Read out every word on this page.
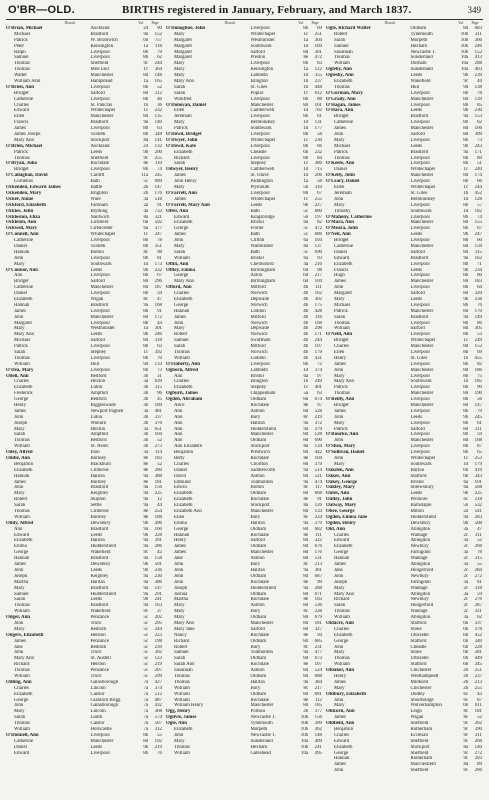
O'BR—OLD.	BIRTHS registered in January, February, and March 1837.	349
District	Vol.	Page
O'Brian, Michael	Auckland	24	90
Michael	Bradford	9a	152
Patrick	W. Bromwich	6b	757
Peter	Kensington	1a	118
Ralph	Liverpool	8b	79
Samuel	Liverpool	8b	62
Thomas	Sheffield	9c	244
Thomas	Mile End	1c	364
Walter	Manchester	8d	148
William John	Hampstead	1a	165
O'Brien, Ann	Liverpool	8b	52
Bridget	Salford	8d	312
Catherine	Liverpool	8b	46
Charles	St. Pancras	1b	36
Edward	Whitechapel	1c	232
Ellen	Manchester	8d	135
Francis	Bradford	9a	140
James	Liverpool	8b	63
James Joseph	Toxteth	8b	348
Mary Ann	Stockport	8a	141
O'Brien, Michael	Auckland	24	132
Patrick	Leeds	9b	200
Thomas	Sheffield	9c	255
O'Bryan, Julia	Rochdale	8e	110
Bridget	Liverpool	8b	74
O'Callaghan, David	Cardiff	11a	245
Cornelius	Bath	5c	689
Ockenden, Edward James	Battle	2b	147
Ockenden, Mary	Brighton	2b	176
Ocker, Annie	Ware	3a	518
Ockford, Elizabeth	Farnham	2a	91
Ocklee, John	Blything	4a	733
Ockleston, Eliza	Nantwich	8a	321
Ockleton, Ann	Lichfield	6b	592
Ockwell, Mary	Cirencester	6a	377
O'Connell, Ann	Whitechapel	1c	247
Catherine	Liverpool	8b	78
Daniel	Toxteth	8b	351
Hannah	Bolton	8c	98
John	Liverpool	8b	81
Mary	Southwark	1d	173
O'Connor, Ann	Leeds	9b	232
Ann	Liverpool	8b	67
Bridget	Salford	8d	296
Catherine	Manchester	8d	187
Daniel	Liverpool	8b	59
Elizabeth	Wigan	8c	47
Hannah	Bradford	9a	168
James	Liverpool	8b	91
John	Manchester	8d	172
Margaret	Liverpool	8b	44
Mary	Westminster	1a	301
Mary Ann	Leeds	9b	246
Michael	Salford	8d	318
Patrick	Liverpool	8b	63
Sarah	Stepney	1c	392
Thomas	Liverpool	8b	70
William	Hull	9d	133
O'Dea, Mary	Liverpool	8b	73
Odell, Ann	Bedford	3b	31
Charles	Hitchin	3a	639
Elizabeth	Luton	3b	315
Frederick	Ampthill	3b	96
George	Bedford	3b	45
Henry	Biggleswade	3b	189
James	Newport Pagnell	3a	481
John	Luton	3b	337
Joseph	Woburn	3b	376
Mary	Hitchin	3a	651
Sarah	Ampthill	3b	104
Thomas	Bedford	3b	52
William	St. Neots	3b	273
Odey, Alfred	Eton	3a	114
Oddie, Ann	Burnley	8e	183
Benjamin	Blackburn	8e	52
Elizabeth	Clitheroe	8e	260
Hannah	Halifax	9a	388
James	Burnley	8e	181
John	Bradford	9a	156
Mary	Keighley	9a	225
Robert	Skipton	9a	12
Sarah	Settle	9a	44
Thomas	Clitheroe	8e	254
William	Burnley	8e	188
Oddy, Alfred	Dewsbury	9b	496
Ann	Bradford	9a	160
Edward	Leeds	9b	228
Elizabeth	Halifax	9a	391
Emma	Huddersfield	9a	286
George	Wakefield	9c	42
Hannah	Bradford	9a	158
James	Dewsbury	9b	501
John	Leeds	9b	236
Joseph	Keighley	9a	230
Martha	Halifax	9a	386
Mary	Bradford	9a	147
Samuel	Huddersfield	9a	291
Sarah	Leeds	9b	241
Thomas	Bradford	9a	163
William	Wakefield	9c	37
Odger, Ann	Penzance	5c	202
John	Truro	5c	295
Mary	Redruth	5c	244
Odgers, Elizabeth	Helston	5c	223
James	Penzance	5c	198
Jane	Redruth	5c	239
John	Truro	5c	302
Mary Ann	St. Austell	5c	123
Richard	Helston	5c	219
Thomas	Penzance	5c	207
William	Truro	5c	299
Odling, Ann	Gainsborough	7a	427
Charles	Lincoln	7a	374
Elizabeth	Caistor	7a	512
George	Glanford Brigg	7a	487
John	Gainsborough	7a	432
Mary	Lincoln	7a	368
Sarah	Louth	7a	574
Thomas	Caistor	7a	507
William	Horncastle	7a	312
O'Donnell, Ann	Liverpool	8b	55
Catherine	Manchester	8d	192
Daniel	Leeds	9b	219
Edward	Liverpool	8b	76
District	Vol.	Page
O'Donoghue, John	Liverpool	8b	69
Mary	Whitechapel	1c	251
Margaret	Westminster	1a	304
Margaret	Southwark	1d	169
Margaret	Salford	8d	301
Margaret	Preston	8e	472
Mary	Liverpool	8b	83
Mary	Kensington	1a	122
Mary	Lambeth	1d	355
Mary Ann	Islington	1b	237
Sarah	St. Giles	1b	448
Sarah	Poplar	1c	612
Winifred	Liverpool	8b	88
O'Donovan, Daniel	Manchester	8d	161
Ellen	Camberwell	1d	702
Jeremiah	Liverpool	8b	61
Mary	Bermondsey	1d	131
Patrick	Southwark	1d	177
O'Dowd, Bridget	Liverpool	8b	58
O'Dwyer, John	Whitechapel	1c	230
O'Dowd, Kate	Liverpool	8b	66
Elizabeth	Cheadle	6b	232
Richard	Liverpool	8b	84
Sarah	Stepney	1c	386
Odwyer, Henry	Camberwell	1d	715
James	St. Olave	1d	206
John Henry	Paddington	1a	58
Mary	Plymouth	5b	310
O'Farrell, Ann	Liverpool	8b	67
James	Whitechapel	1c	255
O'Farrell, Mary Ann	Leeds	9b	227
Offer, Ann	Bath	5c	680
Edward	Kingsbridge	5b	197
Elizabeth	Bristol	6a	82
George	Frome	5c	472
James	Bath	5c	686
John	Clifton	6a	104
Mary	Warminster	8a	137
Sarah	Bath	5c	690
William	Bristol	6a	93
Offin, Ann	Chelmsford	4a	216
Offley, Emma	Birmingham	6d	98
George	Aston	6d	217
Mary Ann	Birmingham	6d	104
Offord, Ann	Mitford	4b	111
Charles	Norwich	4b	162
Elizabeth	Depwade	4b	302
George	Norwich	4b	175
Hannah	Loddon	4b	428
James	Mitford	4b	116
John	Norwich	4b	168
Mary	Depwade	4b	298
Robert	Norwich	4b	171
Samuel	Swaffham	4b	244
Sarah	Mitford	4b	107
Thomas	Norwich	4b	179
William	Loddon	4b	431
O'Flaherty, Ann	Liverpool	8b	72
Ogborn, Alfred	Lambeth	1d	374
Ann	Bristol	6a	97
Charles	Islington	1b	249
Elizabeth	Stepney	1c	401
Ogburn, James	Chippenham	5a	63
Ogden, Abraham	Oldham	8d	674
Alice	Rochdale	8e	97
Ann	Ashton	8d	528
Ann	Bury	8c	219
Ann	Halifax	9a	372
Ann	Huddersfield	9a	279
Ann	Manchester	8d	128
Ann	Oldham	8d	690
Ann Elizabeth	Stockport	8a	134
Benjamin	Prestwich	8d	442
Betty	Rochdale	8e	104
Charles	Chorlton	8d	379
Daniel	Saddleworth	9a	514
David	Ashton	8d	521
Edmund	Todmorden	9a	474
Edwin	Bolton	8c	117
Elizabeth	Oldham	8d	668
Elizabeth	Rochdale	8e	91
Elizabeth	Stockport	8a	126
Elizabeth Ann	Manchester	8d	133
Ellen	Bury	8c	224
Emma	Halifax	9a	379
George	Oldham	8d	682
Hannah	Rochdale	8e	111
Henry	Salford	8d	322
James	Oldham	8d	676
James	Manchester	8d	176
Jane	Ashton	8d	531
John	Bury	8c	213
John	Halifax	9a	381
John	Oldham	8d	687
John	Rochdale	8e	99
Joseph	Huddersfield	9a	288
Joshua	Oldham	8d	671
Martha	Rochdale	8e	103
Mary	Ashton	8d	536
Mary	Bury	8c	228
Mary	Oldham	8d	679
Mary Ann	Manchester	8d	181
Mary Jane	Salford	8d	327
Nancy	Rochdale	8e	94
Richard	Oldham	8d	685
Robert	Bury	8c	231
Samuel	Todmorden	9a	477
Sarah	Oldham	8d	673
Sarah Ann	Rochdale	8e	107
Susannah	Ashton	8d	524
Thomas	Oldham	8d	688
Thomas	Halifax	9a	384
William	Bury	8c	217
William	Oldham	8d	681
William	Rochdale	8e	112
William Henry	Manchester	8d	185
Ogg, Henry	Portsea	2b	377
Ogilvie, James	Newcastle T.	10b	156
Ogle, Ann	Tynemouth	10b	309
Elizabeth	Morpeth	10b	362
John	Newcastle T.	10b	148
Mary	Sunderland	10a	409
Thomas	Hexham	10b	241
William	Gateshead	10a	495
District	Vol.	Page
Ogle, Richard Walter	Oldham	8d	683
Robert	Tynemouth	10b	311
Sarah	Morpeth	10b	366
Samuel	Hexham	10b	246
Susannah	Newcastle T.	10b	152
Thomas	Sunderland	10a	413
William	Durham	10a	288
Ogleby, Ann	Sunderland	10a	403
Oglesby, Ann	Leeds	9b	239
Elizabeth	Wakefield	9c	44
Thomas	Hull	9d	138
O'Gorman, Mary	Liverpool	8b	78
O'Grady, Ann	Manchester	8d	139
O'Hagan, James	Liverpool	8b	85
O'Hara, Ann	Leeds	9b	230
Bridget	Bradford	9a	153
Catherine	Liverpool	8b	62
James	Manchester	8d	166
John	Salford	8d	309
Mary	Liverpool	8b	73
Michael	Leeds	9b	243
Patrick	Bradford	9a	171
Thomas	Liverpool	8b	89
O'Keefe, Ann	Liverpool	8b	51
Daniel	Whitechapel	1c	240
O'Kelly, John	Manchester	8d	174
O'Leary, Daniel	Liverpool	8b	66
Ellen	Whitechapel	1c	244
Jeremiah	St. Giles	1b	452
John	Bermondsey	1d	128
Mary	Liverpool	8b	57
Timothy	Southwark	1d	182
O'Mahony, Catherine	Liverpool	8b	74
O'Mara, Ann	Manchester	8d	155
O'Meara, John	Liverpool	8b	67
O'Neil, Ann	Leeds	9b	247
Bridget	Liverpool	8b	60
Catherine	Manchester	8d	159
Daniel	Salford	8d	315
Edward	Bradford	9a	162
Elizabeth	Liverpool	8b	71
Francis	Leeds	9b	234
Hugh	Liverpool	8b	80
James	Manchester	8d	183
John	Liverpool	8b	64
Margaret	Salford	8d	320
Mary	Leeds	9b	238
Michael	Liverpool	8b	76
Patrick	Manchester	8d	170
Sarah	Bradford	9a	149
Thomas	Liverpool	8b	86
William	Salford	8d	305
O'Neill, Ann	Liverpool	8b	53
Bridget	Whitechapel	1c	249
Charles	Manchester	8d	152
Ellen	Liverpool	8b	69
Henry	St. Giles	1b	455
James	Liverpool	8b	82
John	Manchester	8d	186
Mary	Liverpool	8b	75
Mary Ann	Southwark	1d	185
Patrick	Liverpool	8b	90
Thomas	Manchester	8d	190
O'Reilly, Ann	Liverpool	8b	56
Bridget	Manchester	8d	147
James	Liverpool	8b	79
John	Leeds	9b	245
Mary	Liverpool	8b	61
Patrick	Salford	8d	311
O'Rourke, Ann	Liverpool	8b	59
John	Manchester	8d	168
O'Shea, Mary	Liverpool	8b	87
O'Sullivan, Daniel	Liverpool	8b	65
John	Whitechapel	1c	253
Mary	Southwark	1d	179
Oakden, Ann	Burton	6b	419
Oakes, Ann	Stafford	6b	343
Oakey, George	Bristol	6a	101
Oakley, Mary	Shrewsbury	6a	568
Oates, Ann	Leeds	9b	225
Oatley, John	Pershore	6c	218
Oatway, Mary	Barnstaple	5b	532
Obee, George	Milton	2a	541
Ogden, Emma Jane	Huddersfield	9a	283
Ogden, Henry	Dewsbury	9b	508
Old, Ann	Abingdon	3a	47
Charles	Wantage	2c	311
Edward	Abingdon	3a	52
Elizabeth	Newbury	2c	268
George	Faringdon	3a	78
Hannah	Wantage	2c	315
James	Abingdon	3a	55
Jane	Hungerford	2c	284
John	Newbury	2c	272
Joseph	Faringdon	3a	81
Mary	Wantage	2c	318
Mary Ann	Abingdon	3a	59
Richard	Newbury	2c	276
Sarah	Hungerford	2c	287
Thomas	Wantage	2c	321
William	Abingdon	3a	62
Oldacre, Ann	Stafford	6b	337
Charles	Stone	6b	278
Elizabeth	Uttoxeter	6b	452
George	Stafford	6b	340
John	Cheadle	6b	228
Mary	Stone	6b	281
Thomas	Uttoxeter	6b	449
William	Stafford	6b	345
Oldaker, Ann	Chichester	2b	251
Henry	Westhampnett	2b	237
James	Midhurst	2b	213
Mary	Chichester	2b	255
Oldbury, Elizabeth	Dudley	6c	43
John	Stourbridge	6c	87
Mary	Wolverhampton	6b	611
Oldcorn, Ann	Leigh	8c	181
James	Wigan	8c	52
Oldfield, Ann	Sheffield	9c	262
Benjamin	Rotherham	9c	390
Charles	Ecclesall	9c	311
Edward	Sheffield	9c	268
Elizabeth	Stockport	8a	140
George	Sheffield	9c	272
Hannah	Rotherham	9c	393
James	Macclesfield	8a	89
John	Sheffield	9c	266
